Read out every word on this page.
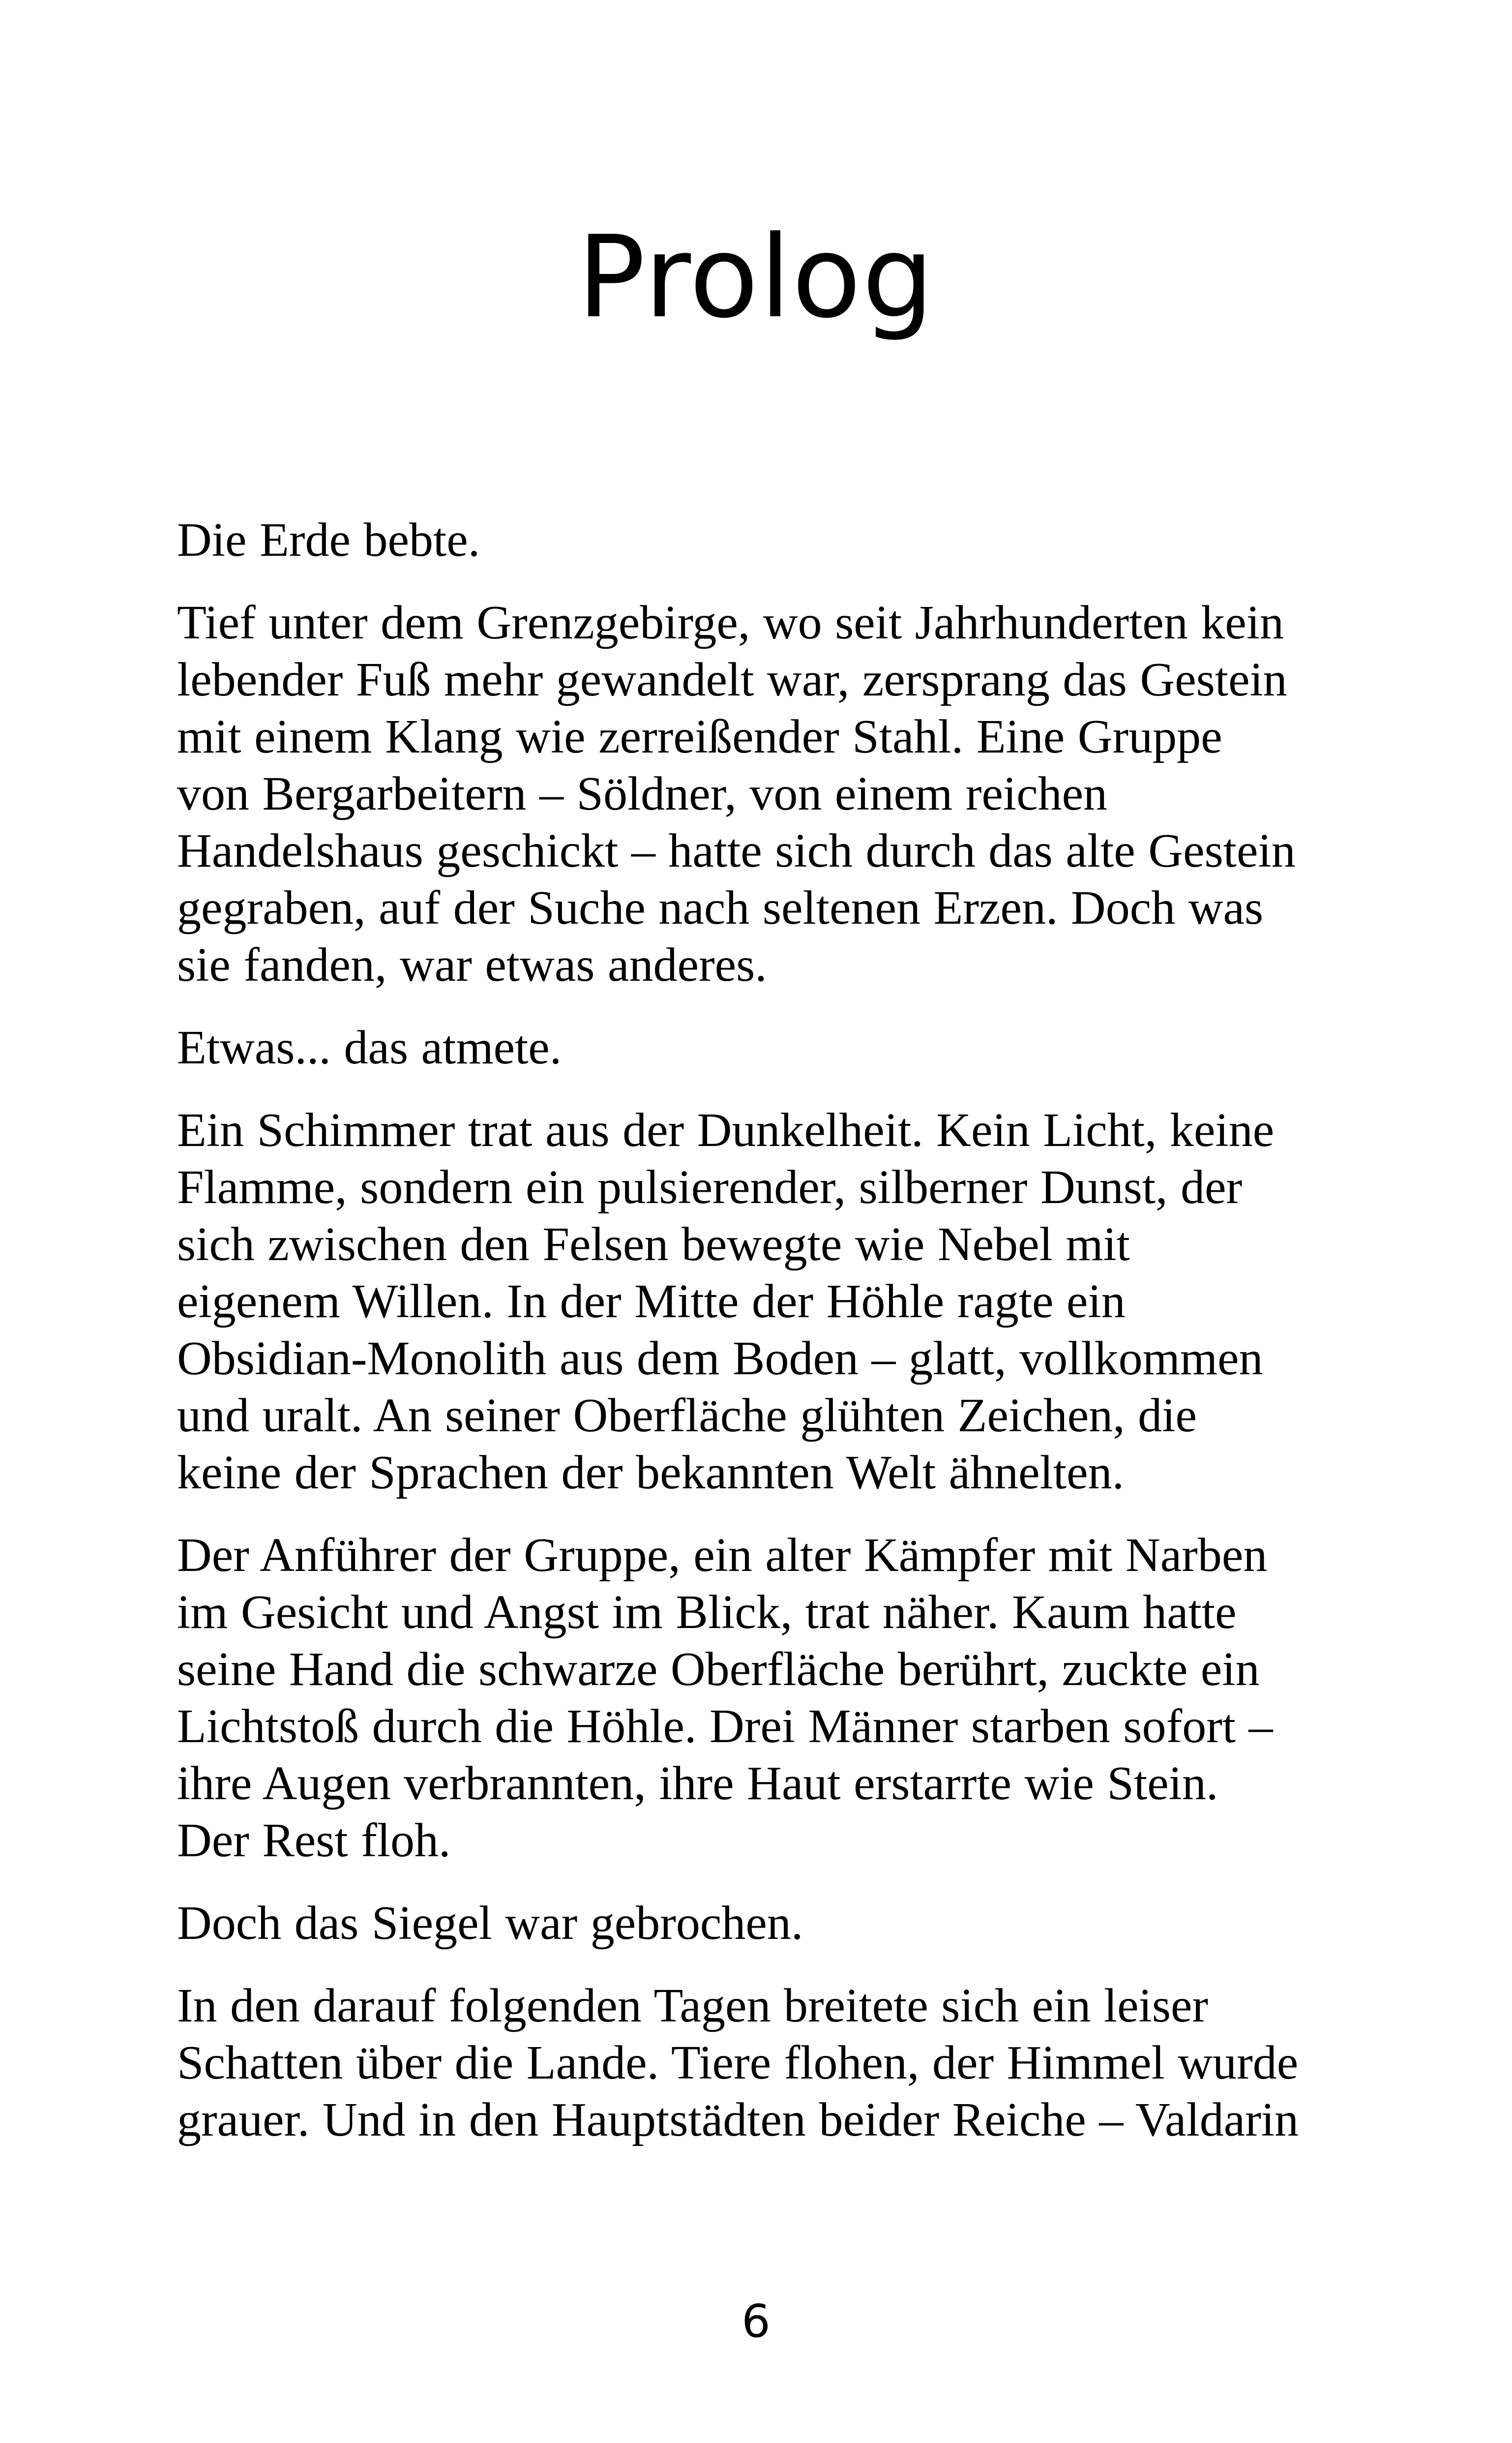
Prolog

Die Erde bebte.

Tief unter dem Grenzgebirge, wo seit Jahrhunderten kein
lebender Fuß mehr gewandelt war, zersprang das Gestein
mit einem Klang wie zerreißender Stahl. Eine Gruppe
von Bergarbeitern – Söldner, von einem reichen
Handelshaus geschickt – hatte sich durch das alte Gestein
gegraben, auf der Suche nach seltenen Erzen. Doch was
sie fanden, war etwas anderes.

Etwas... das atmete.

Ein Schimmer trat aus der Dunkelheit. Kein Licht, keine
Flamme, sondern ein pulsierender, silberner Dunst, der
sich zwischen den Felsen bewegte wie Nebel mit
eigenem Willen. In der Mitte der Höhle ragte ein
Obsidian-Monolith aus dem Boden – glatt, vollkommen
und uralt. An seiner Oberfläche glühten Zeichen, die
keine der Sprachen der bekannten Welt ähnelten.

Der Anführer der Gruppe, ein alter Kämpfer mit Narben
im Gesicht und Angst im Blick, trat näher. Kaum hatte
seine Hand die schwarze Oberfläche berührt, zuckte ein
Lichtstoß durch die Höhle. Drei Männer starben sofort –
ihre Augen verbrannten, ihre Haut erstarrte wie Stein.
Der Rest floh.

Doch das Siegel war gebrochen.

In den darauf folgenden Tagen breitete sich ein leiser
Schatten über die Lande. Tiere flohen, der Himmel wurde
grauer. Und in den Hauptstädten beider Reiche – Valdarin

6
